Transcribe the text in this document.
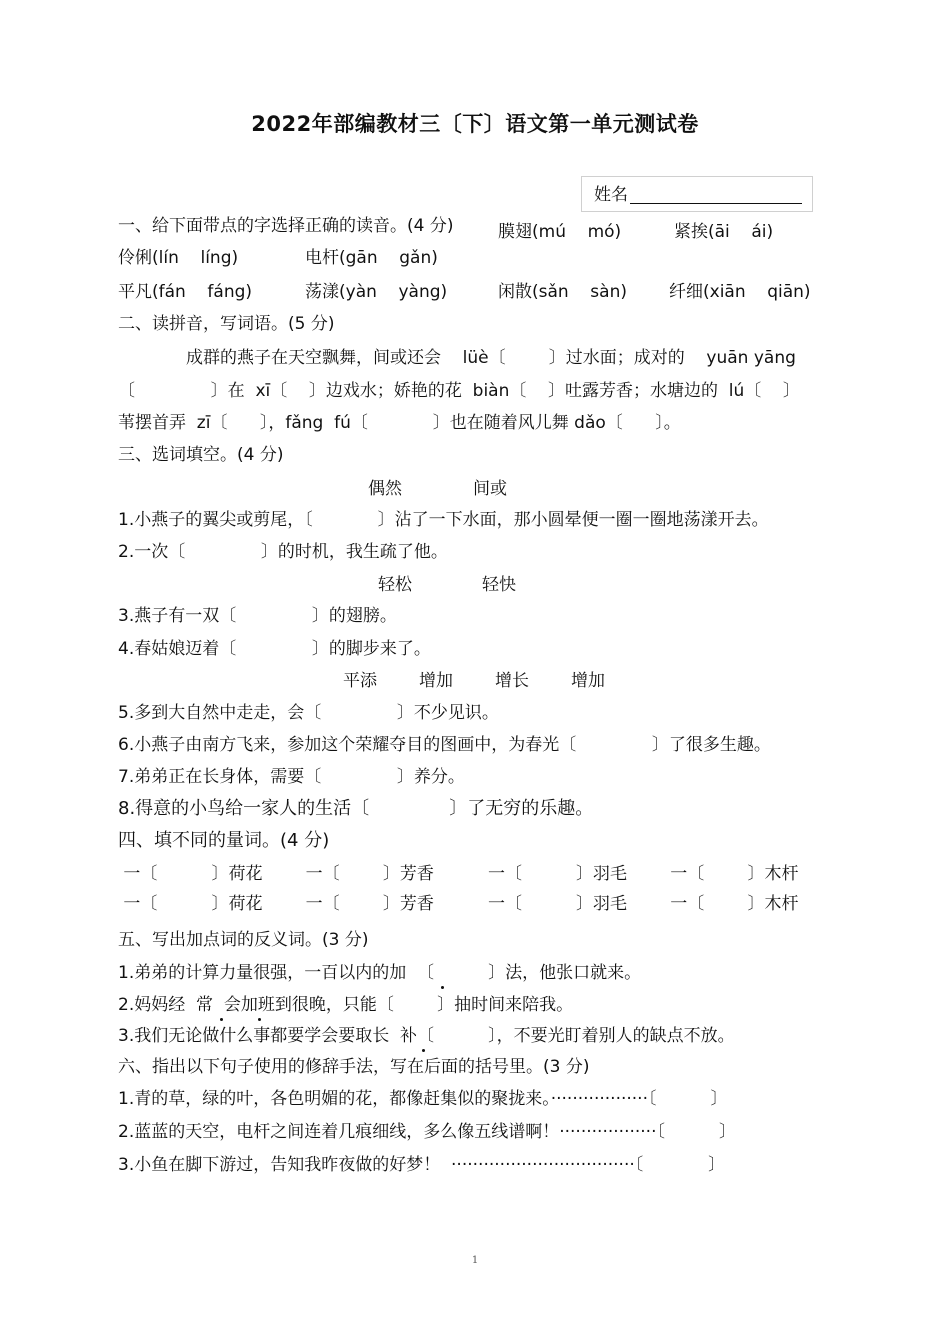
2022年部编教材三〔下〕语文第一单元测试卷
姓名
一、给下面带点的字选择正确的读音。(4 分)	膜翅(mú    mó)	紧挨(āi    ái)
伶俐(lín    líng)	电杆(gān    gǎn)
平凡(fán    fáng)	荡漾(yàn    yàng)	闲散(sǎn    sàn) 纤细(xiān    qiān)
二、读拼音，写词语。(5 分)
成群的燕子在天空飘舞，间或还会    lüè〔        〕过水面；成对的    yuān yāng
〔              〕在  xī〔    〕边戏水；娇艳的花  biàn〔    〕吐露芳香；水塘边的  lú〔    〕
苇摆首弄  zī〔      〕，fǎng  fú〔            〕也在随着风儿舞 dǎo〔      〕。
三、选词填空。(4 分)
偶然	间或
1.小燕子的翼尖或剪尾，〔            〕沾了一下水面，那小圆晕便一圈一圈地荡漾开去。
2.一次〔              〕的时机，我生疏了他。
轻松	轻快
3.燕子有一双〔              〕的翅膀。
4.春姑娘迈着〔              〕的脚步来了。
平添 增加 增长 增加
5.多到大自然中走走，会〔              〕不少见识。
6.小燕子由南方飞来，参加这个荣耀夺目的图画中，为春光〔              〕了很多生趣。
7.弟弟正在长身体，需要〔              〕养分。
8.得意的小鸟给一家人的生活〔              〕了无穷的乐趣。
四、填不同的量词。(4 分)
一〔          〕荷花        一〔        〕芳香          一〔          〕羽毛        一〔        〕木杆
一〔          〕荷花        一〔        〕芳香          一〔          〕羽毛        一〔        〕木杆
五、写出加点词的反义词。(3 分)
1.弟弟的计算力量很强，一百以内的加  〔          〕法，他张口就来。
2.妈妈经  常  会加班到很晚，只能〔        〕抽时间来陪我。
3.我们无论做什么事都要学会要取长  补〔          〕，不要光盯着别人的缺点不放。
六、指出以下句子使用的修辞手法，写在后面的括号里。(3 分)
1.青的草，绿的叶，各色明媚的花，都像赶集似的聚拢来。··················〔          〕
2.蓝蓝的天空，电杆之间连着几痕细线，多么像五线谱啊！··················〔          〕
3.小鱼在脚下游过，告知我昨夜做的好梦！  ··································〔            〕
1
